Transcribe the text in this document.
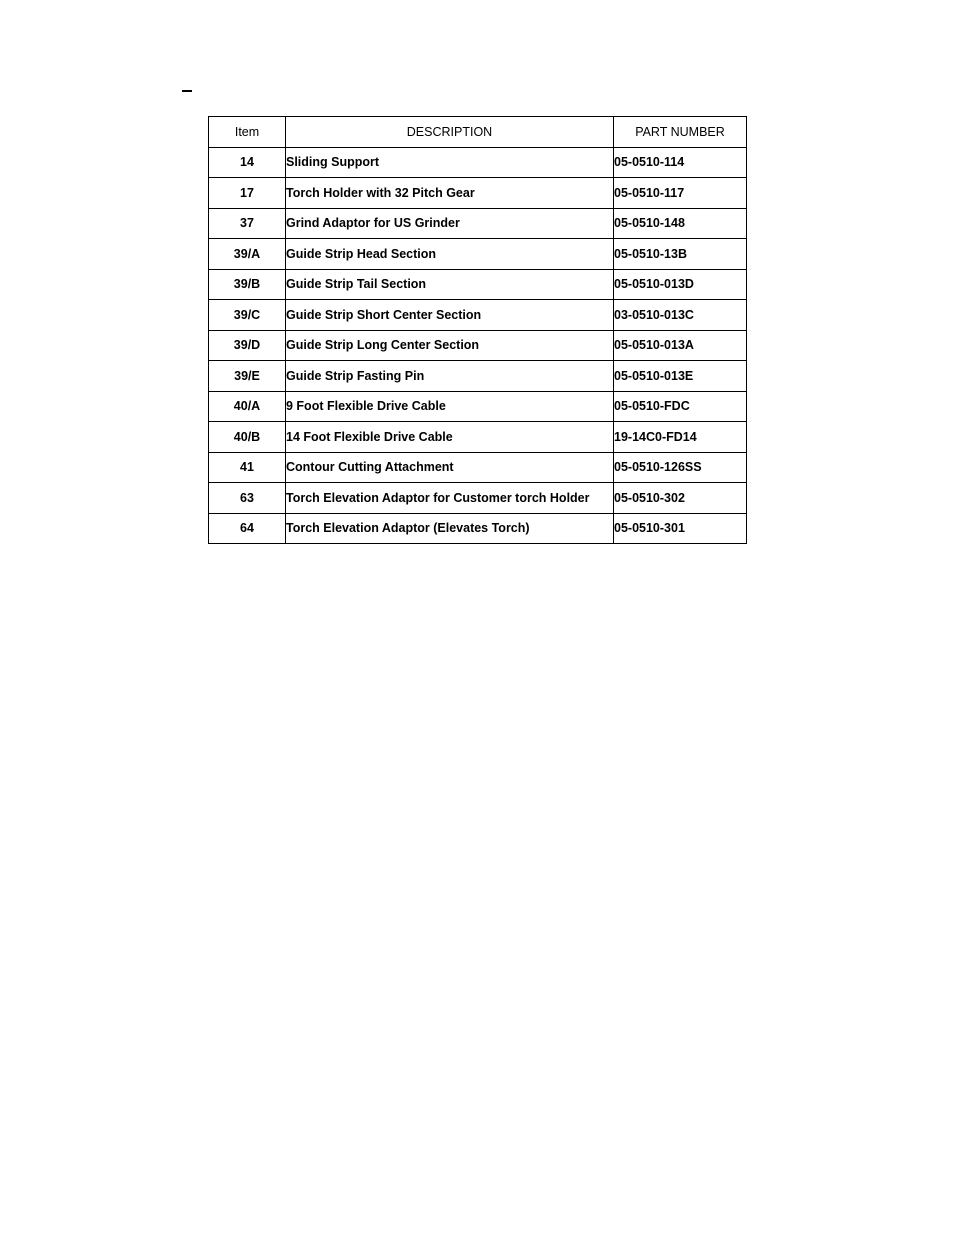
Item	DESCRIPTION	PART NUMBER
14	Sliding Support	05-0510-114
17	Torch Holder with 32 Pitch Gear	05-0510-117
37	Grind Adaptor for US Grinder	05-0510-148
39/A	Guide Strip Head Section	05-0510-13B
39/B	Guide Strip Tail Section	05-0510-013D
39/C	Guide Strip Short Center Section	03-0510-013C
39/D	Guide Strip Long Center Section	05-0510-013A
39/E	Guide Strip Fasting Pin	05-0510-013E
40/A	9 Foot Flexible Drive Cable	05-0510-FDC
40/B	14 Foot Flexible Drive Cable	19-14C0-FD14
41	Contour Cutting Attachment	05-0510-126SS
63	Torch Elevation Adaptor for Customer torch Holder	05-0510-302
64	Torch Elevation Adaptor (Elevates Torch)	05-0510-301
